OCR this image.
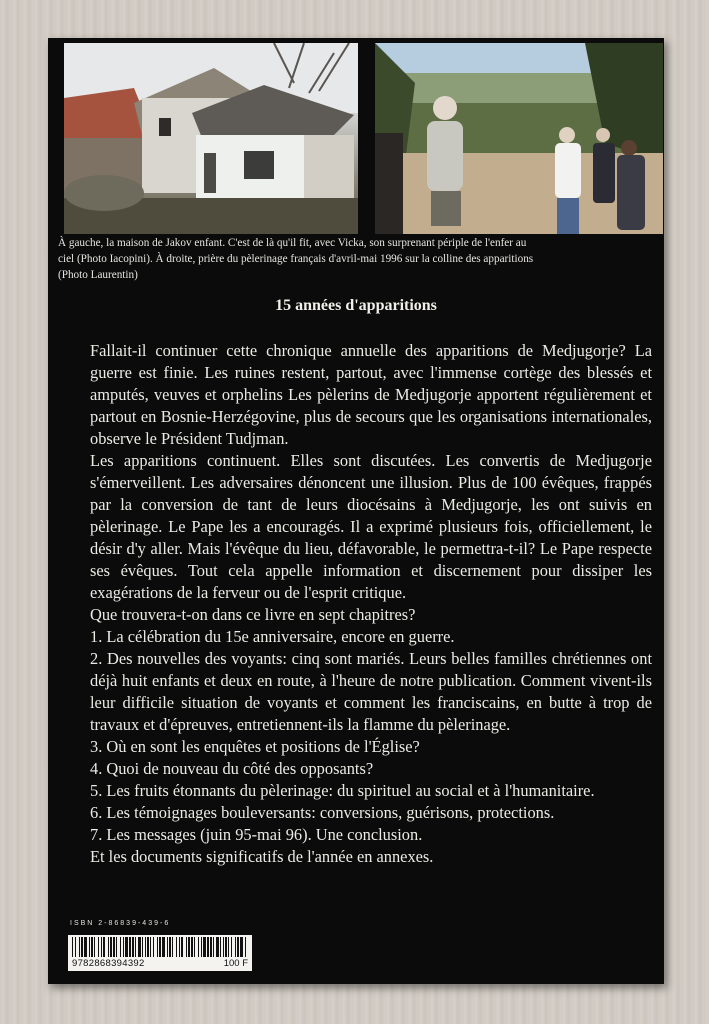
À gauche, la maison de Jakov enfant. C'est de là qu'il fit, avec Vicka, son surprenant périple de l'enfer au

ciel (Photo Iacopini). À droite, prière du pèlerinage français d'avril-mai 1996 sur la colline des apparitions

(Photo Laurentin)

15 années d'apparitions

Fallait-il continuer cette chronique annuelle des apparitions de Medjugorje? La guerre est finie. Les ruines restent, partout, avec l'immense cortège des blessés et amputés, veuves et orphelins Les pèlerins de Medjugorje apportent régulièrement et partout en Bosnie-Herzégovine, plus de secours que les organisations internationales, observe le Président Tudjman.

Les apparitions continuent. Elles sont discutées. Les convertis de Medjugorje s'émerveillent. Les adversaires dénoncent une illusion. Plus de 100 évêques, frappés par la conversion de tant de leurs diocésains à Medjugorje, les ont suivis en pèlerinage. Le Pape les a encouragés. Il a exprimé plusieurs fois, officiellement, le désir d'y aller. Mais l'évêque du lieu, défavorable, le permettra-t-il? Le Pape respecte ses évêques. Tout cela appelle information et discernement pour dissiper les exagérations de la ferveur ou de l'esprit critique.

Que trouvera-t-on dans ce livre en sept chapitres?

1. La célébration du 15e anniversaire, encore en guerre.

2. Des nouvelles des voyants: cinq sont mariés. Leurs belles familles chrétiennes ont déjà huit enfants et deux en route, à l'heure de notre publication. Comment vivent-ils leur difficile situation de voyants et comment les franciscains, en butte à trop de travaux et d'épreuves, entretiennent-ils la flamme du pèlerinage.

3. Où en sont les enquêtes et positions de l'Église?

4. Quoi de nouveau du côté des opposants?

5. Les fruits étonnants du pèlerinage: du spirituel au social et à l'humanitaire.

6. Les témoignages bouleversants: conversions, guérisons, protections.

7. Les messages (juin 95-mai 96). Une conclusion.

Et les documents significatifs de l'année en annexes.

ISBN 2-86839-439-6
9782868394392	100 F
